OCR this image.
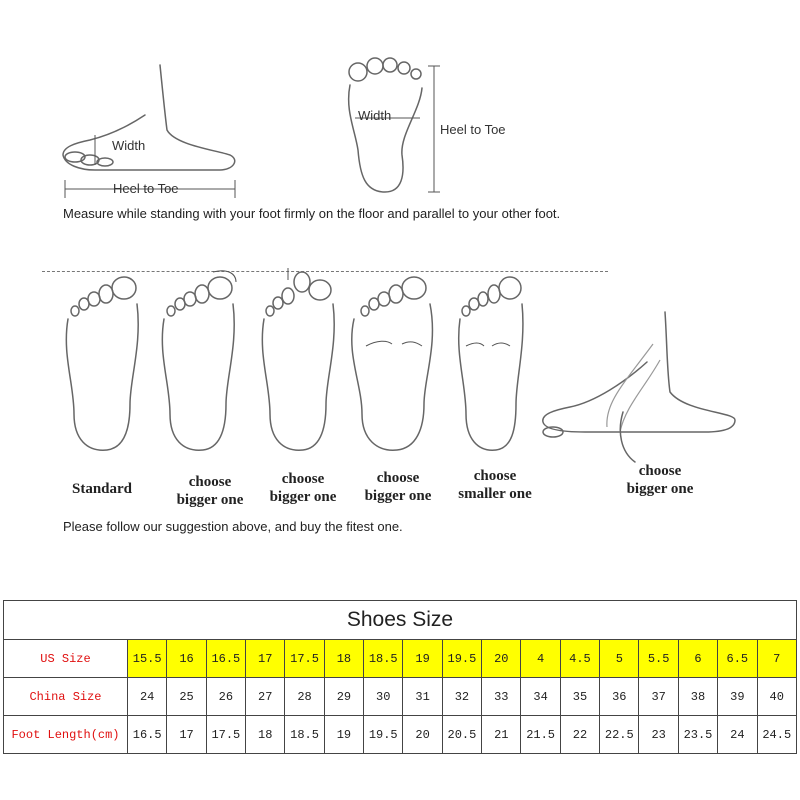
Width
Heel to Toe
Width
Heel to Toe
Measure while standing with your foot firmly on the floor and parallel to your other foot.
Standard	choose
bigger one
choose
bigger one
choose
bigger one
choose
smaller one
choose
bigger one
Please follow our suggestion above, and buy the fitest one.
Shoes Size																	
US Size	15.5	16	16.5	17	17.5	18	18.5	19	19.5	20	4	4.5	5	5.5	6	6.5	7
China Size	24	25	26	27	28	29	30	31	32	33	34	35	36	37	38	39	40
Foot Length(cm)	16.5	17	17.5	18	18.5	19	19.5	20	20.5	21	21.5	22	22.5	23	23.5	24	24.5
